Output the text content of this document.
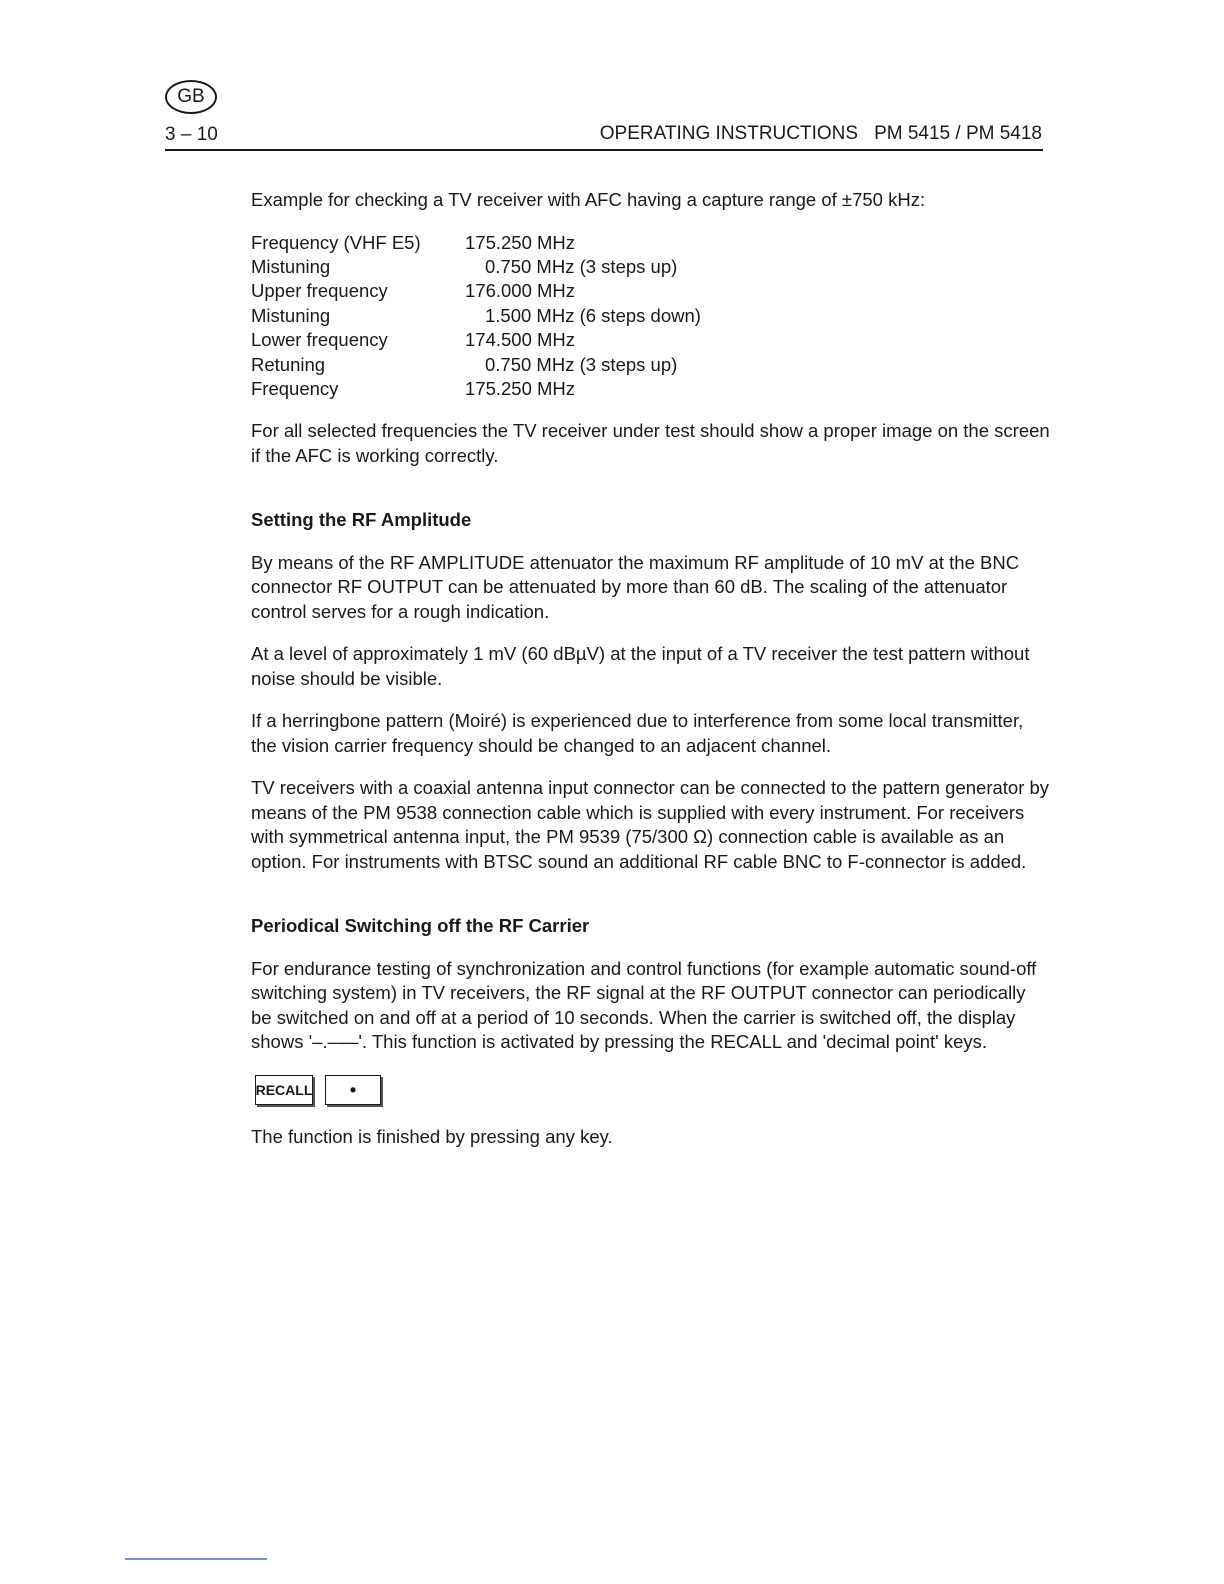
GB
3 – 10	OPERATING INSTRUCTIONS PM 5415 / PM 5418

Example for checking a TV receiver with AFC having a capture range of ±750 kHz:

Frequency (VHF E5)	175.250 MHz
Mistuning	0.750 MHz (3 steps up)
Upper frequency	176.000 MHz
Mistuning	1.500 MHz (6 steps down)
Lower frequency	174.500 MHz
Retuning	0.750 MHz (3 steps up)
Frequency	175.250 MHz

For all selected frequencies the TV receiver under test should show a proper image on the screen if the AFC is working correctly.

Setting the RF Amplitude

By means of the RF AMPLITUDE attenuator the maximum RF amplitude of 10 mV at the BNC connector RF OUTPUT can be attenuated by more than 60 dB. The scaling of the attenuator control serves for a rough indication.

At a level of approximately 1 mV (60 dBµV) at the input of a TV receiver the test pattern without noise should be visible.

If a herringbone pattern (Moiré) is experienced due to interference from some local transmitter, the vision carrier frequency should be changed to an adjacent channel.

TV receivers with a coaxial antenna input connector can be connected to the pattern generator by means of the PM 9538 connection cable which is supplied with every instrument. For receivers with symmetrical antenna input, the PM 9539 (75/300 Ω) connection cable is available as an option. For instruments with BTSC sound an additional RF cable BNC to F-connector is added.

Periodical Switching off the RF Carrier

For endurance testing of synchronization and control functions (for example automatic sound-off switching system) in TV receivers, the RF signal at the RF OUTPUT connector can periodically be switched on and off at a period of 10 seconds. When the carrier is switched off, the display shows '–.–––'. This function is activated by pressing the RECALL and 'decimal point' keys.

RECALL	•

The function is finished by pressing any key.
